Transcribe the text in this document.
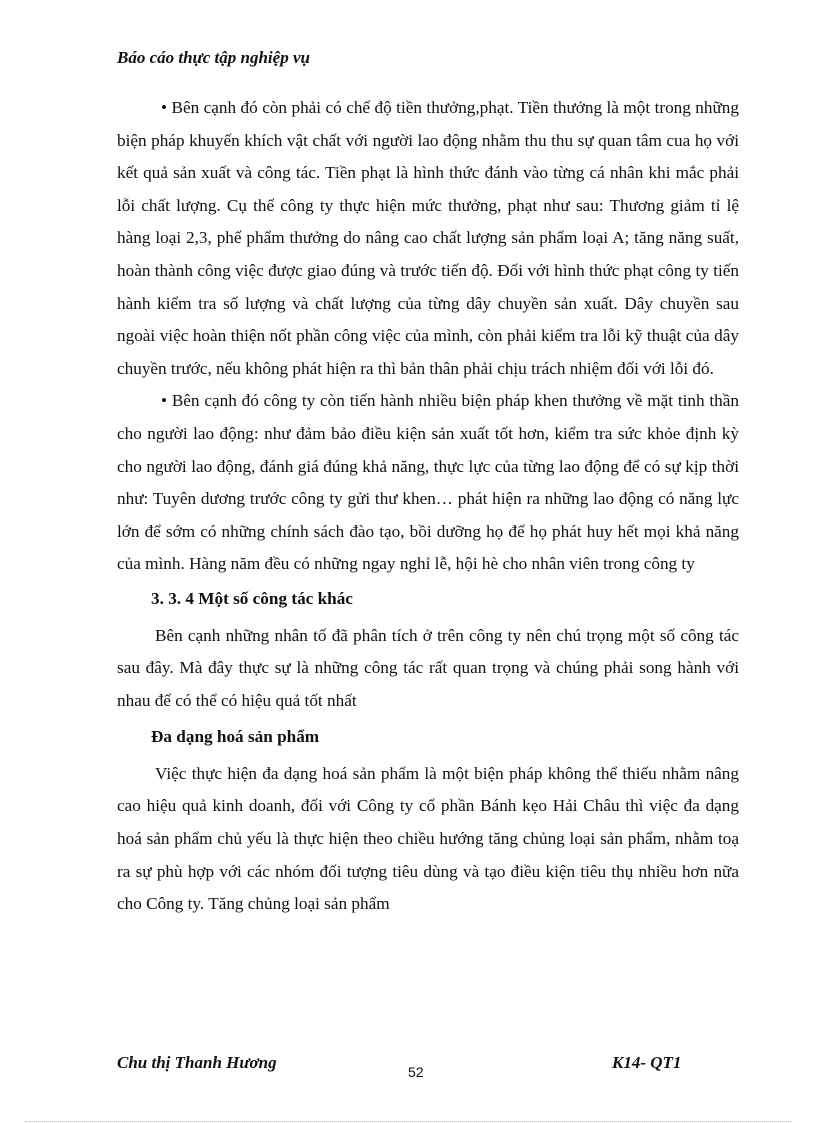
Báo cáo thực tập nghiệp vụ

• Bên cạnh đó còn phải có chế độ tiền thưởng,phạt. Tiền thưởng là một trong những biện pháp khuyến khích vật chất với người lao động nhằm thu thu sự quan tâm cua họ với kết quả sản xuất và công tác. Tiền phạt là hình thức đánh vào từng cá nhân khi mắc phải lỗi chất lượng. Cụ thể công ty thực hiện mức thưởng, phạt như sau: Thương giảm tỉ lệ hàng loại 2,3, phế phẩm thưởng do nâng cao chất lượng sản phẩm loại A; tăng năng suất, hoàn thành công việc được giao đúng và trước tiến độ. Đối với hình thức phạt công ty tiến hành kiểm tra số lượng và chất lượng của từng dây chuyền sản xuất. Dây chuyền sau ngoài việc hoàn thiện nốt phần công việc của mình, còn phải kiểm tra lỗi kỹ thuật của dây chuyền trước, nếu không phát hiện ra thì bản thân phải chịu trách nhiệm đối với lỗi đó.

• Bên cạnh đó công ty còn tiến hành nhiều biện pháp khen thưởng về mặt tinh thần cho người lao động: như đảm bảo điều kiện sản xuất tốt hơn, kiểm tra sức khỏe định kỳ cho người lao động, đánh giá đúng khả năng, thực lực của từng lao động để có sự kịp thời như: Tuyên dương trước công ty gửi thư khen… phát hiện ra những lao động có năng lực lớn để sớm có những chính sách đào tạo, bồi dưỡng họ để họ phát huy hết mọi khả năng của mình. Hàng năm đều có những ngay nghỉ lễ, hội hè cho nhân viên trong công ty

3. 3. 4 Một số công tác khác

Bên cạnh những nhân tố đã phân tích ở trên công ty nên chú trọng một số công tác sau đây. Mà đây thực sự là những công tác rất quan trọng và chúng phải song hành với nhau để có thể có hiệu quả tốt nhất

Đa dạng hoá sản phẩm

Việc thực hiện đa dạng hoá sản phẩm là một biện pháp không thể thiếu nhằm nâng cao hiệu quả kinh doanh, đối với Công ty cổ phần Bánh kẹo Hải Châu thì việc đa dạng hoá sản phẩm chủ yếu là thực hiện theo chiều hướng tăng chủng loại sản phẩm, nhằm toạ ra sự phù hợp với các nhóm đối tượng tiêu dùng và tạo điều kiện tiêu thụ nhiều hơn nữa cho Công ty. Tăng chủng loại sản phẩm

Chu thị Thanh Hương	52	K14- QT1
